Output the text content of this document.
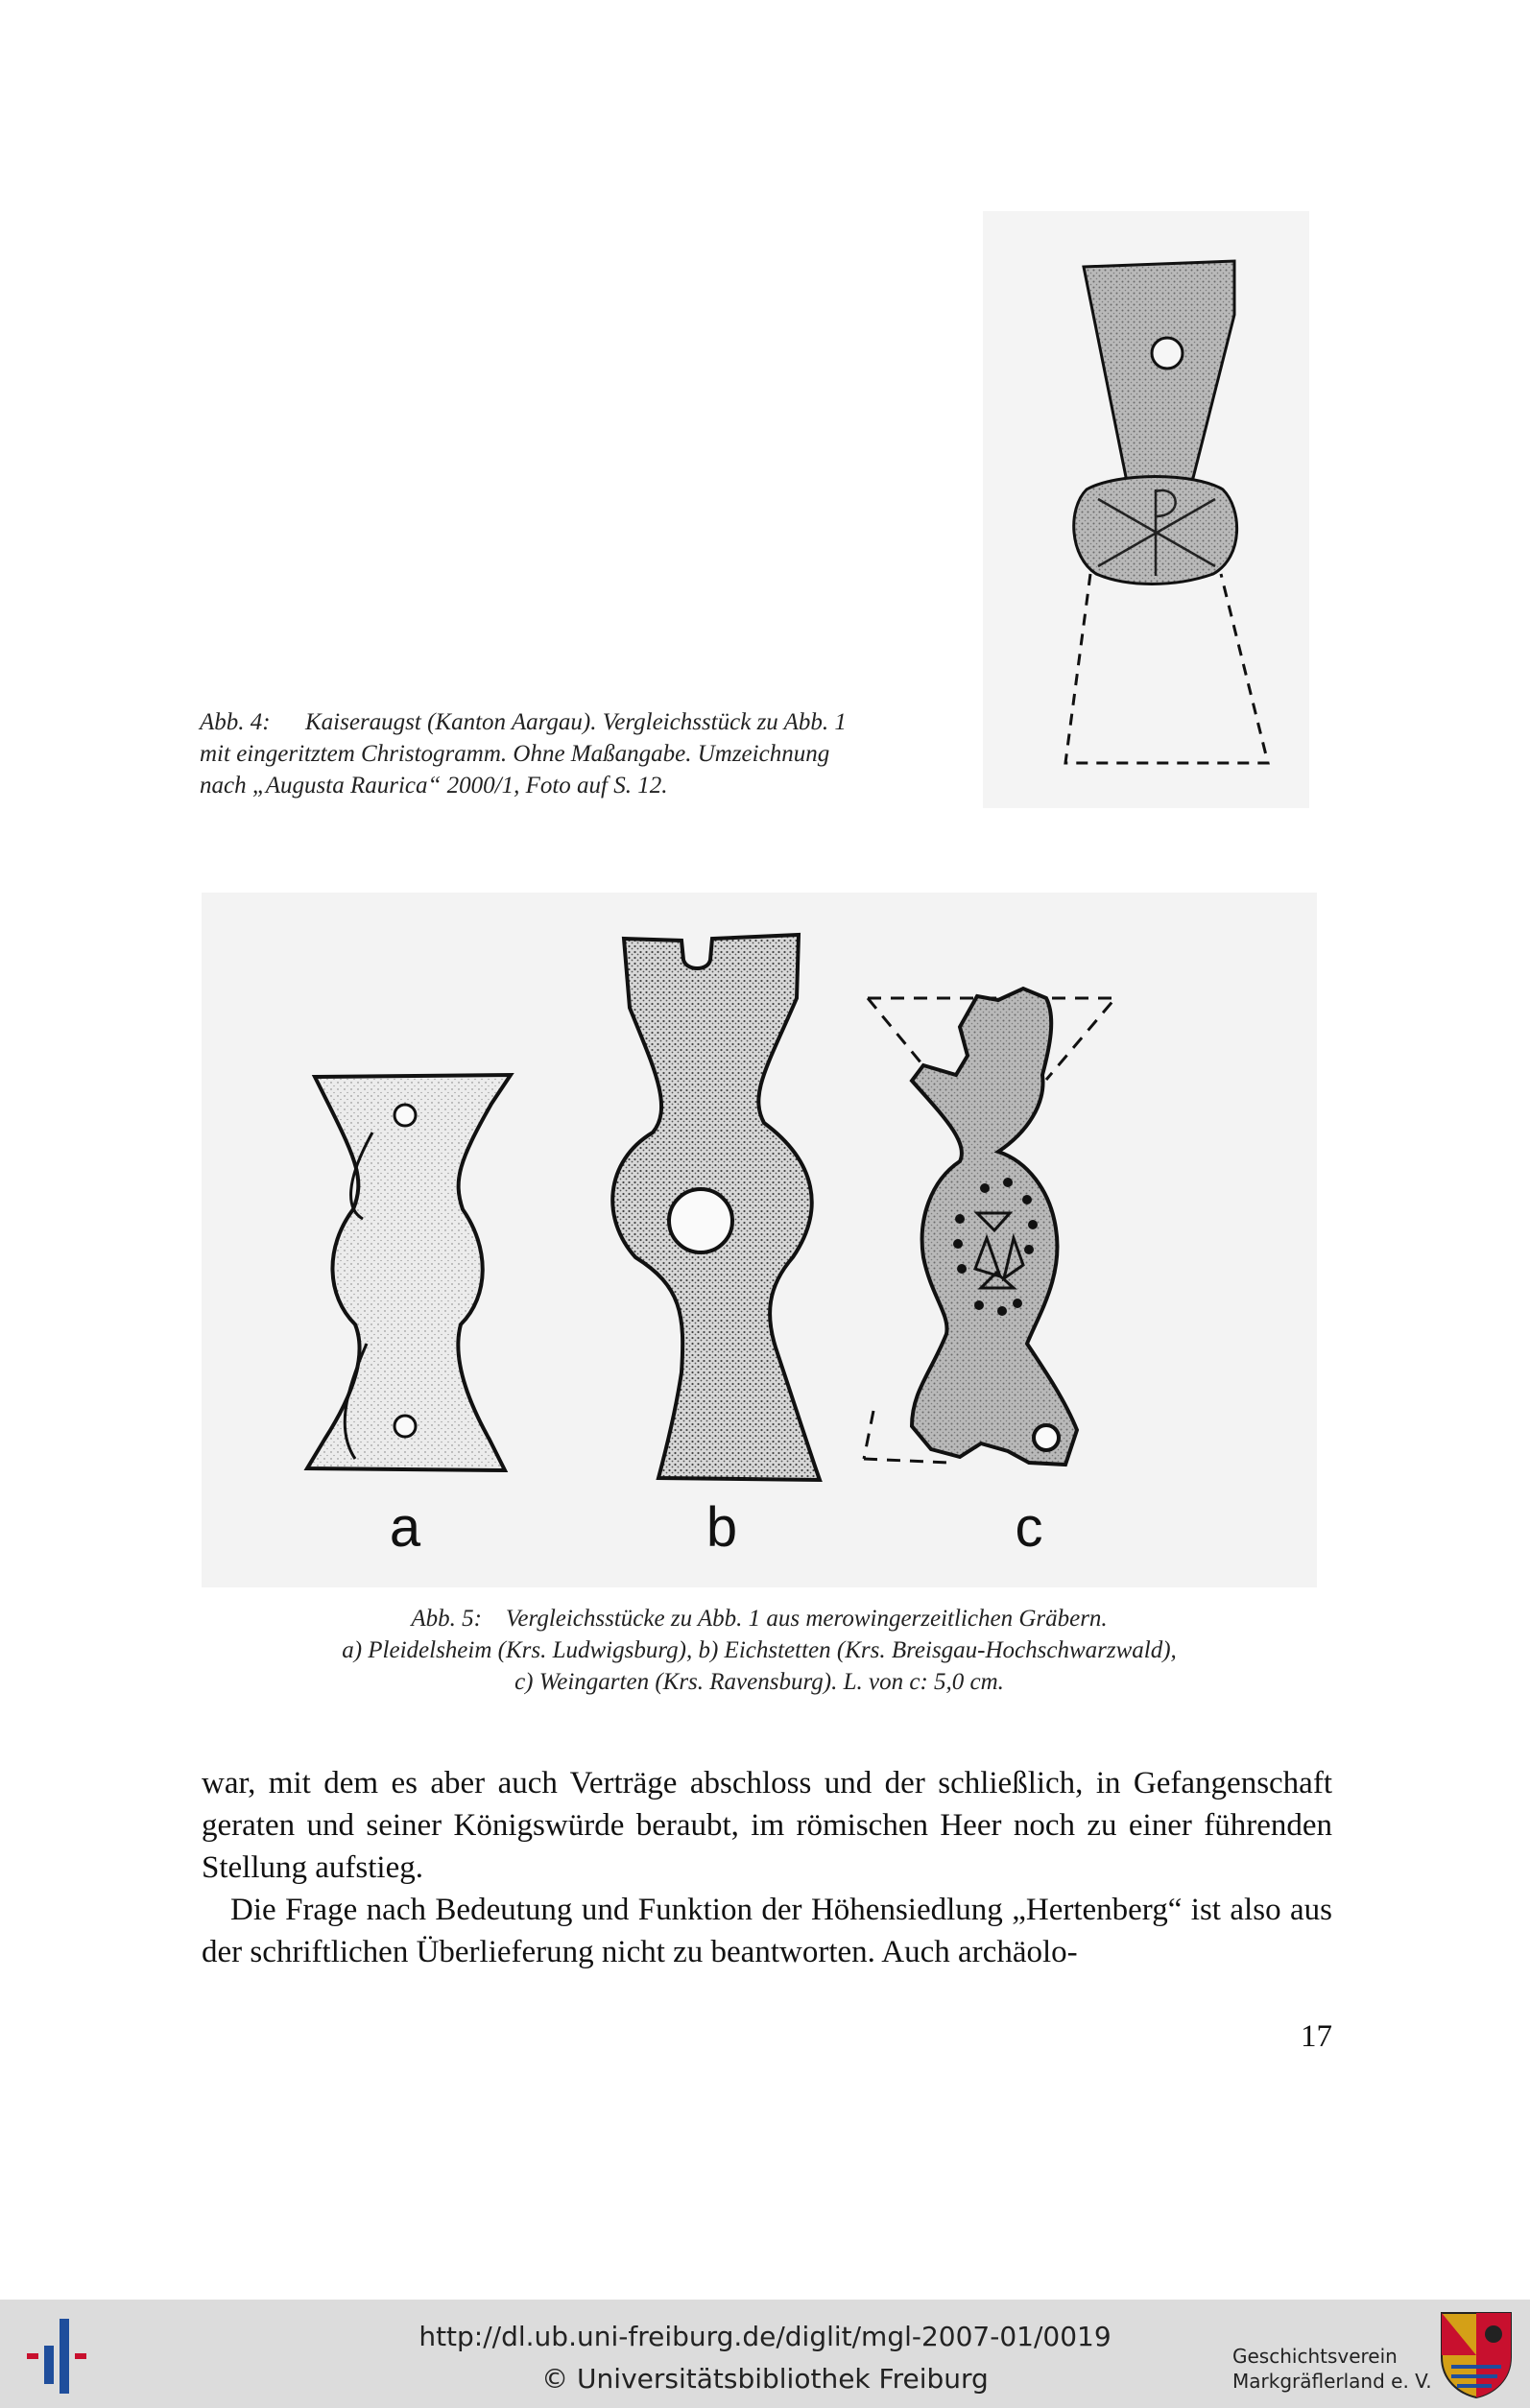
Abb. 4: Kaiseraugst (Kanton Aargau). Vergleichsstück zu Abb. 1
mit eingeritztem Christogramm. Ohne Maßangabe. Umzeichnung
nach „Augusta Raurica“ 2000/1, Foto auf S. 12.
a	b	c
Abb. 5: Vergleichsstücke zu Abb. 1 aus merowingerzeitlichen Gräbern.
a) Pleidelsheim (Krs. Ludwigsburg), b) Eichstetten (Krs. Breisgau-Hochschwarzwald),
c) Weingarten (Krs. Ravensburg). L. von c: 5,0 cm.

war, mit dem es aber auch Verträge abschloss und der schließlich, in Gefangenschaft geraten und seiner Königswürde beraubt, im römischen Heer noch zu einer führenden Stellung aufstieg.

Die Frage nach Bedeutung und Funktion der Höhensiedlung „Hertenberg“ ist also aus der schriftlichen Überlieferung nicht zu beantworten. Auch archäolo-

17
http://dl.ub.uni-freiburg.de/diglit/mgl-2007-01/0019
© Universitätsbibliothek Freiburg
Geschichtsverein
Markgräflerland e. V.
